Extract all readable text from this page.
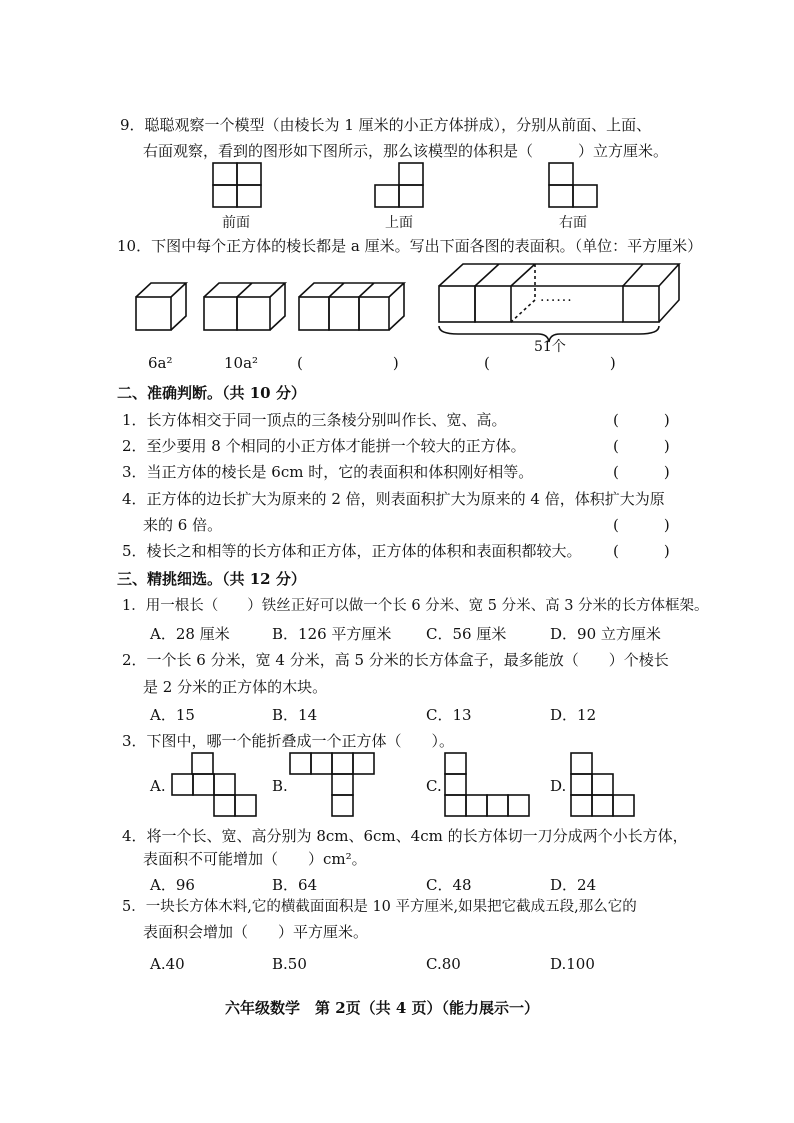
9．聪聪观察一个模型（由棱长为 1 厘米的小正方体拼成），分别从前面、上面、
右面观察，看到的图形如下图所示，那么该模型的体积是（　　　）立方厘米。
前面	上面	右面
10．下图中每个正方体的棱长都是 a 厘米。写出下面各图的表面积。（单位：平方厘米）
······
51个
6a²	10a²	(　　　　　　)	(　　　　　　　　)
二、准确判断。（共 10 分）
1．长方体相交于同一顶点的三条棱分别叫作长、宽、高。	(　　　)
2．至少要用 8 个相同的小正方体才能拼一个较大的正方体。	(　　　)
3．当正方体的棱长是 6cm 时，它的表面积和体积刚好相等。	(　　　)
4．正方体的边长扩大为原来的 2 倍，则表面积扩大为原来的 4 倍，体积扩大为原
来的 6 倍。	(　　　)
5．棱长之和相等的长方体和正方体，正方体的体积和表面积都较大。 (　　　)
三、精挑细选。（共 12 分）
1．用一根长（　　）铁丝正好可以做一个长 6 分米、宽 5 分米、高 3 分米的长方体框架。
A．28 厘米	B．126 平方厘米 C．56 厘米	D．90 立方厘米
2．一个长 6 分米，宽 4 分米，高 5 分米的长方体盒子，最多能放（　　）个棱长
是 2 分米的正方体的木块。
A．15	B．14	C．13	D．12
3．下图中，哪一个能折叠成一个正方体（　　）。
A.	B.	C.	D.
4．将一个长、宽、高分别为 8cm、6cm、4cm 的长方体切一刀分成两个小长方体，
表面积不可能增加（　　）cm²。
A．96	B．64	C．48	D．24
5．一块长方体木料,它的横截面面积是 10 平方厘米,如果把它截成五段,那么它的
表面积会增加（　　）平方厘米。
A.40	B.50	C.80	D.100
六年级数学　第 2页（共 4 页）（能力展示一）
